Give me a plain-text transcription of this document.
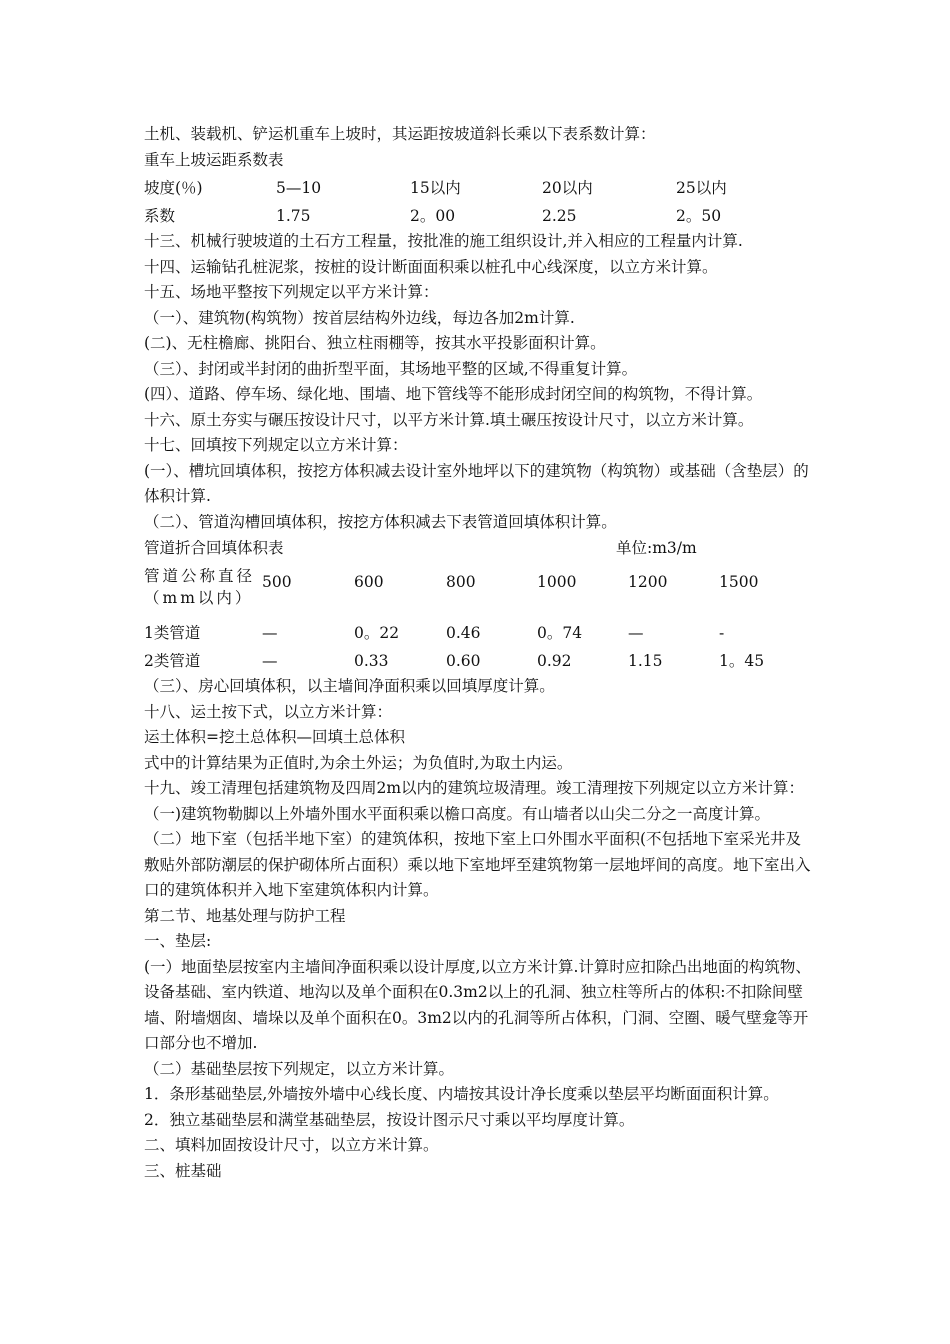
土机、装载机、铲运机重车上坡时，其运距按坡道斜长乘以下表系数计算：

重车上坡运距系数表

坡度(％)	5—10	15以内	20以内	25以内
系数	1.75	2。00	2.25	2。50

十三、机械行驶坡道的土石方工程量，按批准的施工组织设计,并入相应的工程量内计算.

十四、运输钻孔桩泥浆，按桩的设计断面面积乘以桩孔中心线深度，以立方米计算。

十五、场地平整按下列规定以平方米计算：

（一）、建筑物(构筑物）按首层结构外边线，每边各加2m计算.

(二)、无柱檐廊、挑阳台、独立柱雨棚等，按其水平投影面积计算。

（三）、封闭或半封闭的曲折型平面，其场地平整的区域,不得重复计算。

(四）、道路、停车场、绿化地、围墙、地下管线等不能形成封闭空间的构筑物，不得计算。

十六、原土夯实与碾压按设计尺寸，以平方米计算.填土碾压按设计尺寸，以立方米计算。

十七、回填按下列规定以立方米计算：

(一）、槽坑回填体积，按挖方体积减去设计室外地坪以下的建筑物（构筑物）或基础（含垫层）的体积计算.

（二）、管道沟槽回填体积，按挖方体积减去下表管道回填体积计算。

管道折合回填体积表	单位:m3/m
管道公称直径（mm以内）
500	600	800	1000	1200	1500
1类管道	—	0。22	0.46	0。74	—	-
2类管道	—	0.33	0.60	0.92	1.15	1。45

（三）、房心回填体积，以主墙间净面积乘以回填厚度计算。

十八、运土按下式，以立方米计算：

运土体积=挖土总体积—回填土总体积

式中的计算结果为正值时,为余土外运；为负值时,为取土内运。

十九、竣工清理包括建筑物及四周2m以内的建筑垃圾清理。竣工清理按下列规定以立方米计算：

（一)建筑物勒脚以上外墙外围水平面积乘以檐口高度。有山墙者以山尖二分之一高度计算。

（二）地下室（包括半地下室）的建筑体积，按地下室上口外围水平面积(不包括地下室采光井及敷贴外部防潮层的保护砌体所占面积）乘以地下室地坪至建筑物第一层地坪间的高度。地下室出入口的建筑体积并入地下室建筑体积内计算。

第二节、地基处理与防护工程

一、垫层:

(一）地面垫层按室内主墙间净面积乘以设计厚度,以立方米计算.计算时应扣除凸出地面的构筑物、设备基础、室内铁道、地沟以及单个面积在0.3m2以上的孔洞、独立柱等所占的体积:不扣除间壁墙、附墙烟囱、墙垛以及单个面积在0。3m2以内的孔洞等所占体积，门洞、空圈、暖气壁龛等开口部分也不增加.

（二）基础垫层按下列规定，以立方米计算。

1．条形基础垫层,外墙按外墙中心线长度、内墙按其设计净长度乘以垫层平均断面面积计算。

2．独立基础垫层和满堂基础垫层，按设计图示尺寸乘以平均厚度计算。

二、填料加固按设计尺寸，以立方米计算。

三、桩基础
